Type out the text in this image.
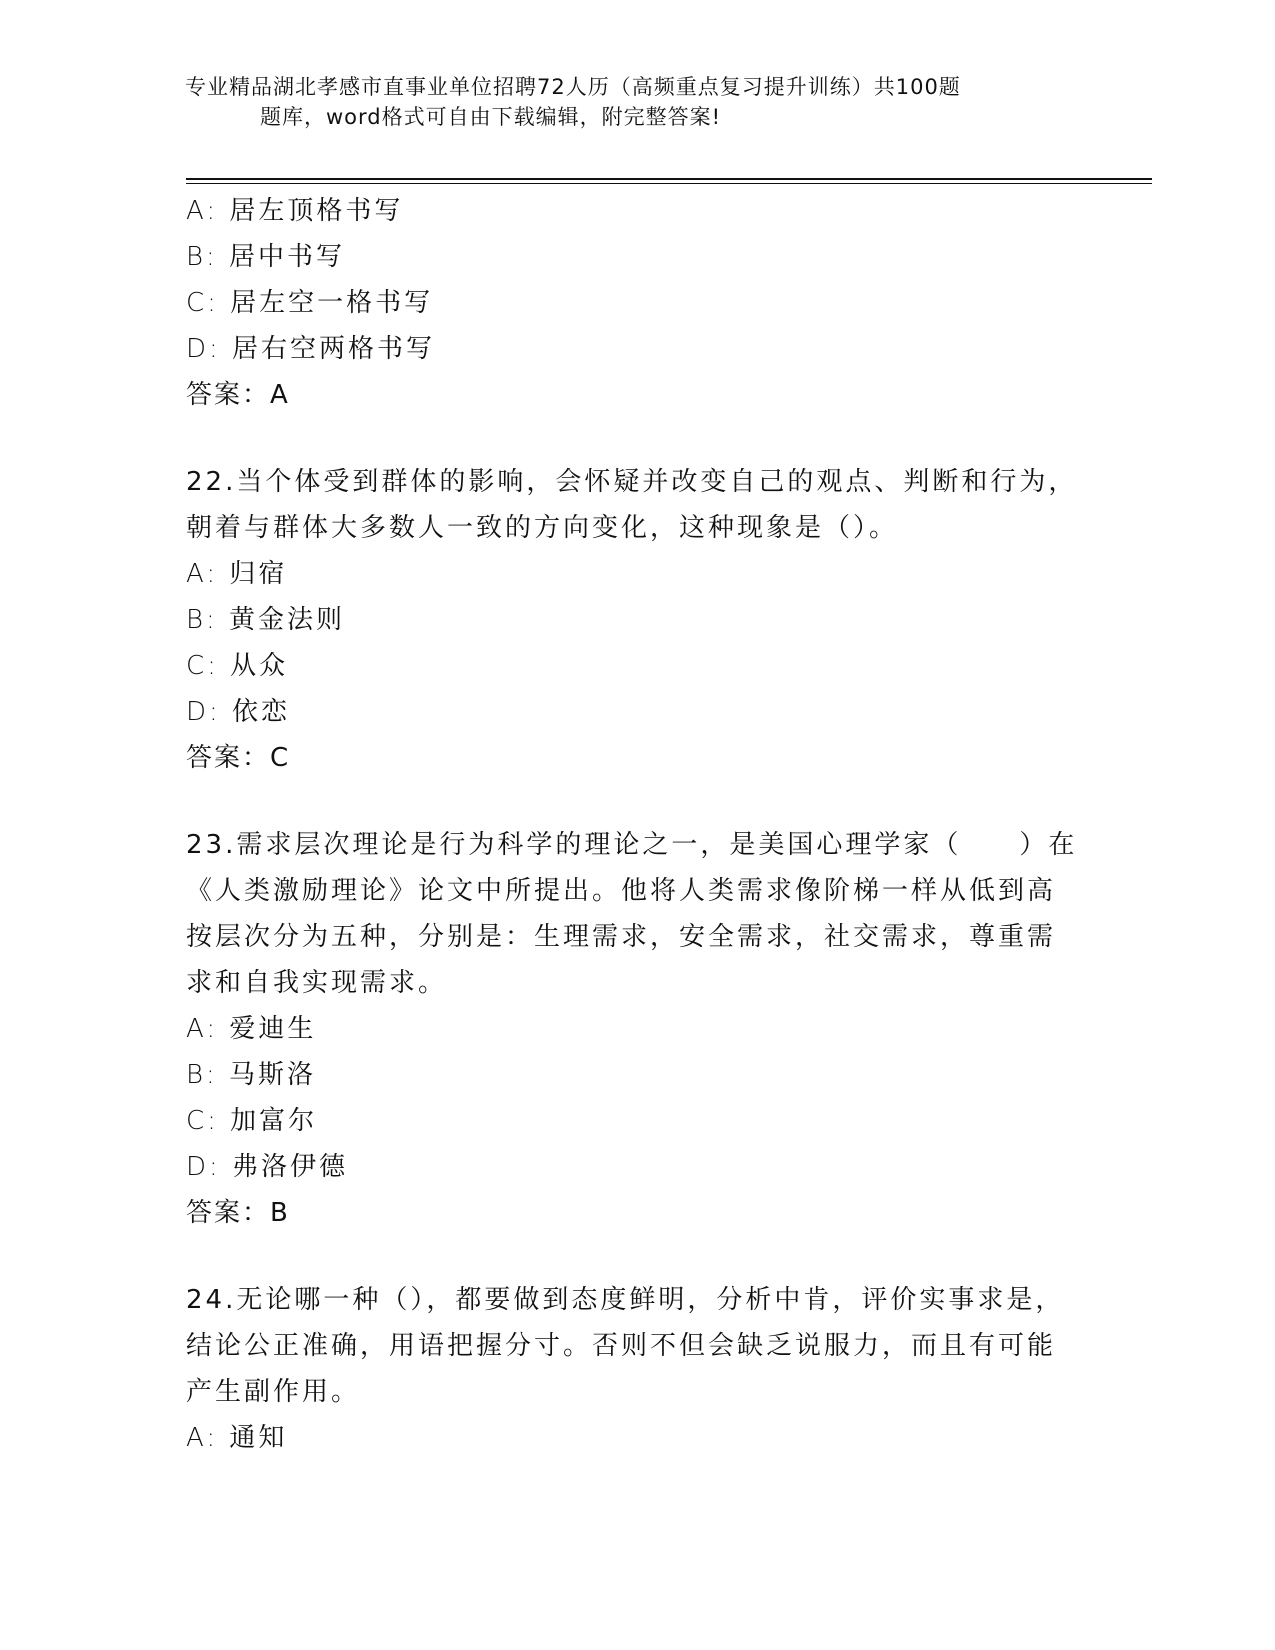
专业精品湖北孝感市直事业单位招聘72人历（高频重点复习提升训练）共100题
题库，word格式可自由下载编辑，附完整答案!
A: 居左顶格书写
B: 居中书写
C: 居左空一格书写
D: 居右空两格书写
答案：A
22.当个体受到群体的影响，会怀疑并改变自己的观点、判断和行为，
朝着与群体大多数人一致的方向变化，这种现象是（）。
A: 归宿
B: 黄金法则
C: 从众
D: 依恋
答案：C
23.需求层次理论是行为科学的理论之一，是美国心理学家（　　）在
《人类激励理论》论文中所提出。他将人类需求像阶梯一样从低到高
按层次分为五种，分别是：生理需求，安全需求，社交需求，尊重需
求和自我实现需求。
A: 爱迪生
B: 马斯洛
C: 加富尔
D: 弗洛伊德
答案：B
24.无论哪一种（），都要做到态度鲜明，分析中肯，评价实事求是，
结论公正准确，用语把握分寸。否则不但会缺乏说服力，而且有可能
产生副作用。
A: 通知
